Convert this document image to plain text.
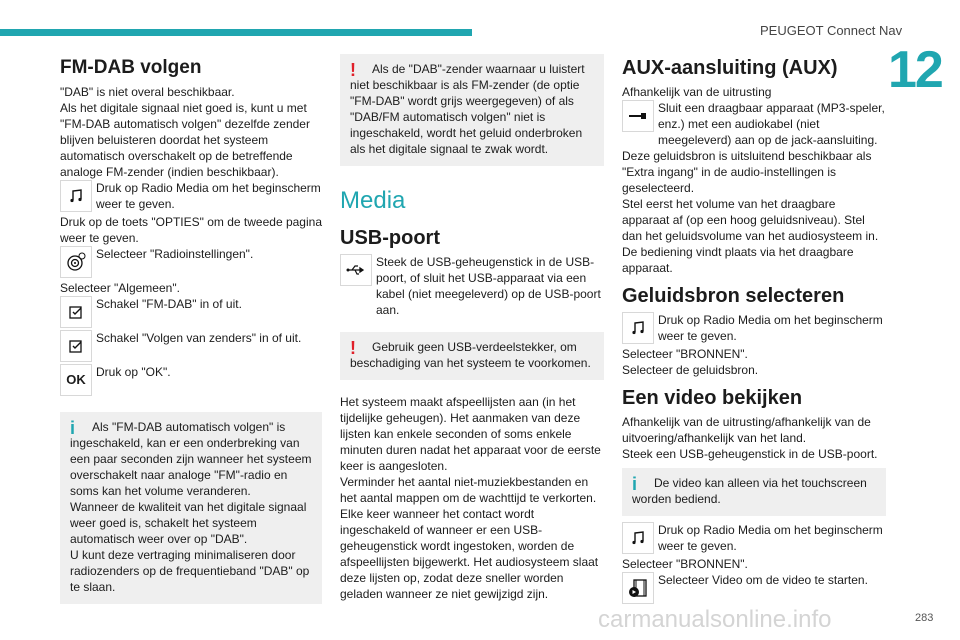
PEUGEOT Connect Nav
12
283
carmanualsonline.info
FM-DAB volgen

"DAB" is niet overal beschikbaar.
Als het digitale signaal niet goed is, kunt u met "FM-DAB automatisch volgen" dezelfde zender blijven beluisteren doordat het systeem automatisch overschakelt op de betreffende analoge FM-zender (indien beschikbaar).

Druk op Radio Media om het beginscherm weer te geven.

Druk op de toets "OPTIES" om de tweede pagina weer te geven.

Selecteer "Radioinstellingen".

Selecteer "Algemeen".

Schakel "FM-DAB" in of uit.

Schakel "Volgen van zenders" in of uit.

OK Druk op "OK".

i	Als "FM-DAB automatisch volgen" is ingeschakeld, kan er een onderbreking van een paar seconden zijn wanneer het systeem overschakelt naar analoge "FM"-radio en soms kan het volume veranderen.
Wanneer de kwaliteit van het digitale signaal weer goed is, schakelt het systeem automatisch weer over op "DAB".
U kunt deze vertraging minimaliseren door radiozenders op de frequentieband "DAB" op te slaan.

!	Als de "DAB"-zender waarnaar u luistert niet beschikbaar is als FM-zender (de optie "FM-DAB" wordt grijs weergegeven) of als "DAB/FM automatisch volgen" niet is ingeschakeld, wordt het geluid onderbroken als het digitale signaal te zwak wordt.

Media
USB-poort

Steek de USB-geheugenstick in de USB-poort, of sluit het USB-apparaat via een kabel (niet meegeleverd) op de USB-poort aan.

!	Gebruik geen USB-verdeelstekker, om beschadiging van het systeem te voorkomen.

Het systeem maakt afspeellijsten aan (in het tijdelijke geheugen). Het aanmaken van deze lijsten kan enkele seconden of soms enkele minuten duren nadat het apparaat voor de eerste keer is aangesloten.
Verminder het aantal niet-muziekbestanden en het aantal mappen om de wachttijd te verkorten.
Elke keer wanneer het contact wordt ingeschakeld of wanneer er een USB-geheugenstick wordt ingestoken, worden de afspeellijsten bijgewerkt. Het audiosysteem slaat deze lijsten op, zodat deze sneller worden geladen wanneer ze niet gewijzigd zijn.

AUX-aansluiting (AUX)

Afhankelijk van de uitrusting

Sluit een draagbaar apparaat (MP3-speler, enz.) met een audiokabel (niet meegeleverd) aan op de jack-aansluiting.

Deze geluidsbron is uitsluitend beschikbaar als "Extra ingang" in de audio-instellingen is geselecteerd.
Stel eerst het volume van het draagbare apparaat af (op een hoog geluidsniveau). Stel dan het geluidsvolume van het audiosysteem in.
De bediening vindt plaats via het draagbare apparaat.

Geluidsbron selecteren

Druk op Radio Media om het beginscherm weer te geven.

Selecteer "BRONNEN".
Selecteer de geluidsbron.

Een video bekijken

Afhankelijk van de uitrusting/afhankelijk van de uitvoering/afhankelijk van het land.
Steek een USB-geheugenstick in de USB-poort.

i	De video kan alleen via het touchscreen worden bediend.

Druk op Radio Media om het beginscherm weer te geven.

Selecteer "BRONNEN".

Selecteer Video om de video te starten.
